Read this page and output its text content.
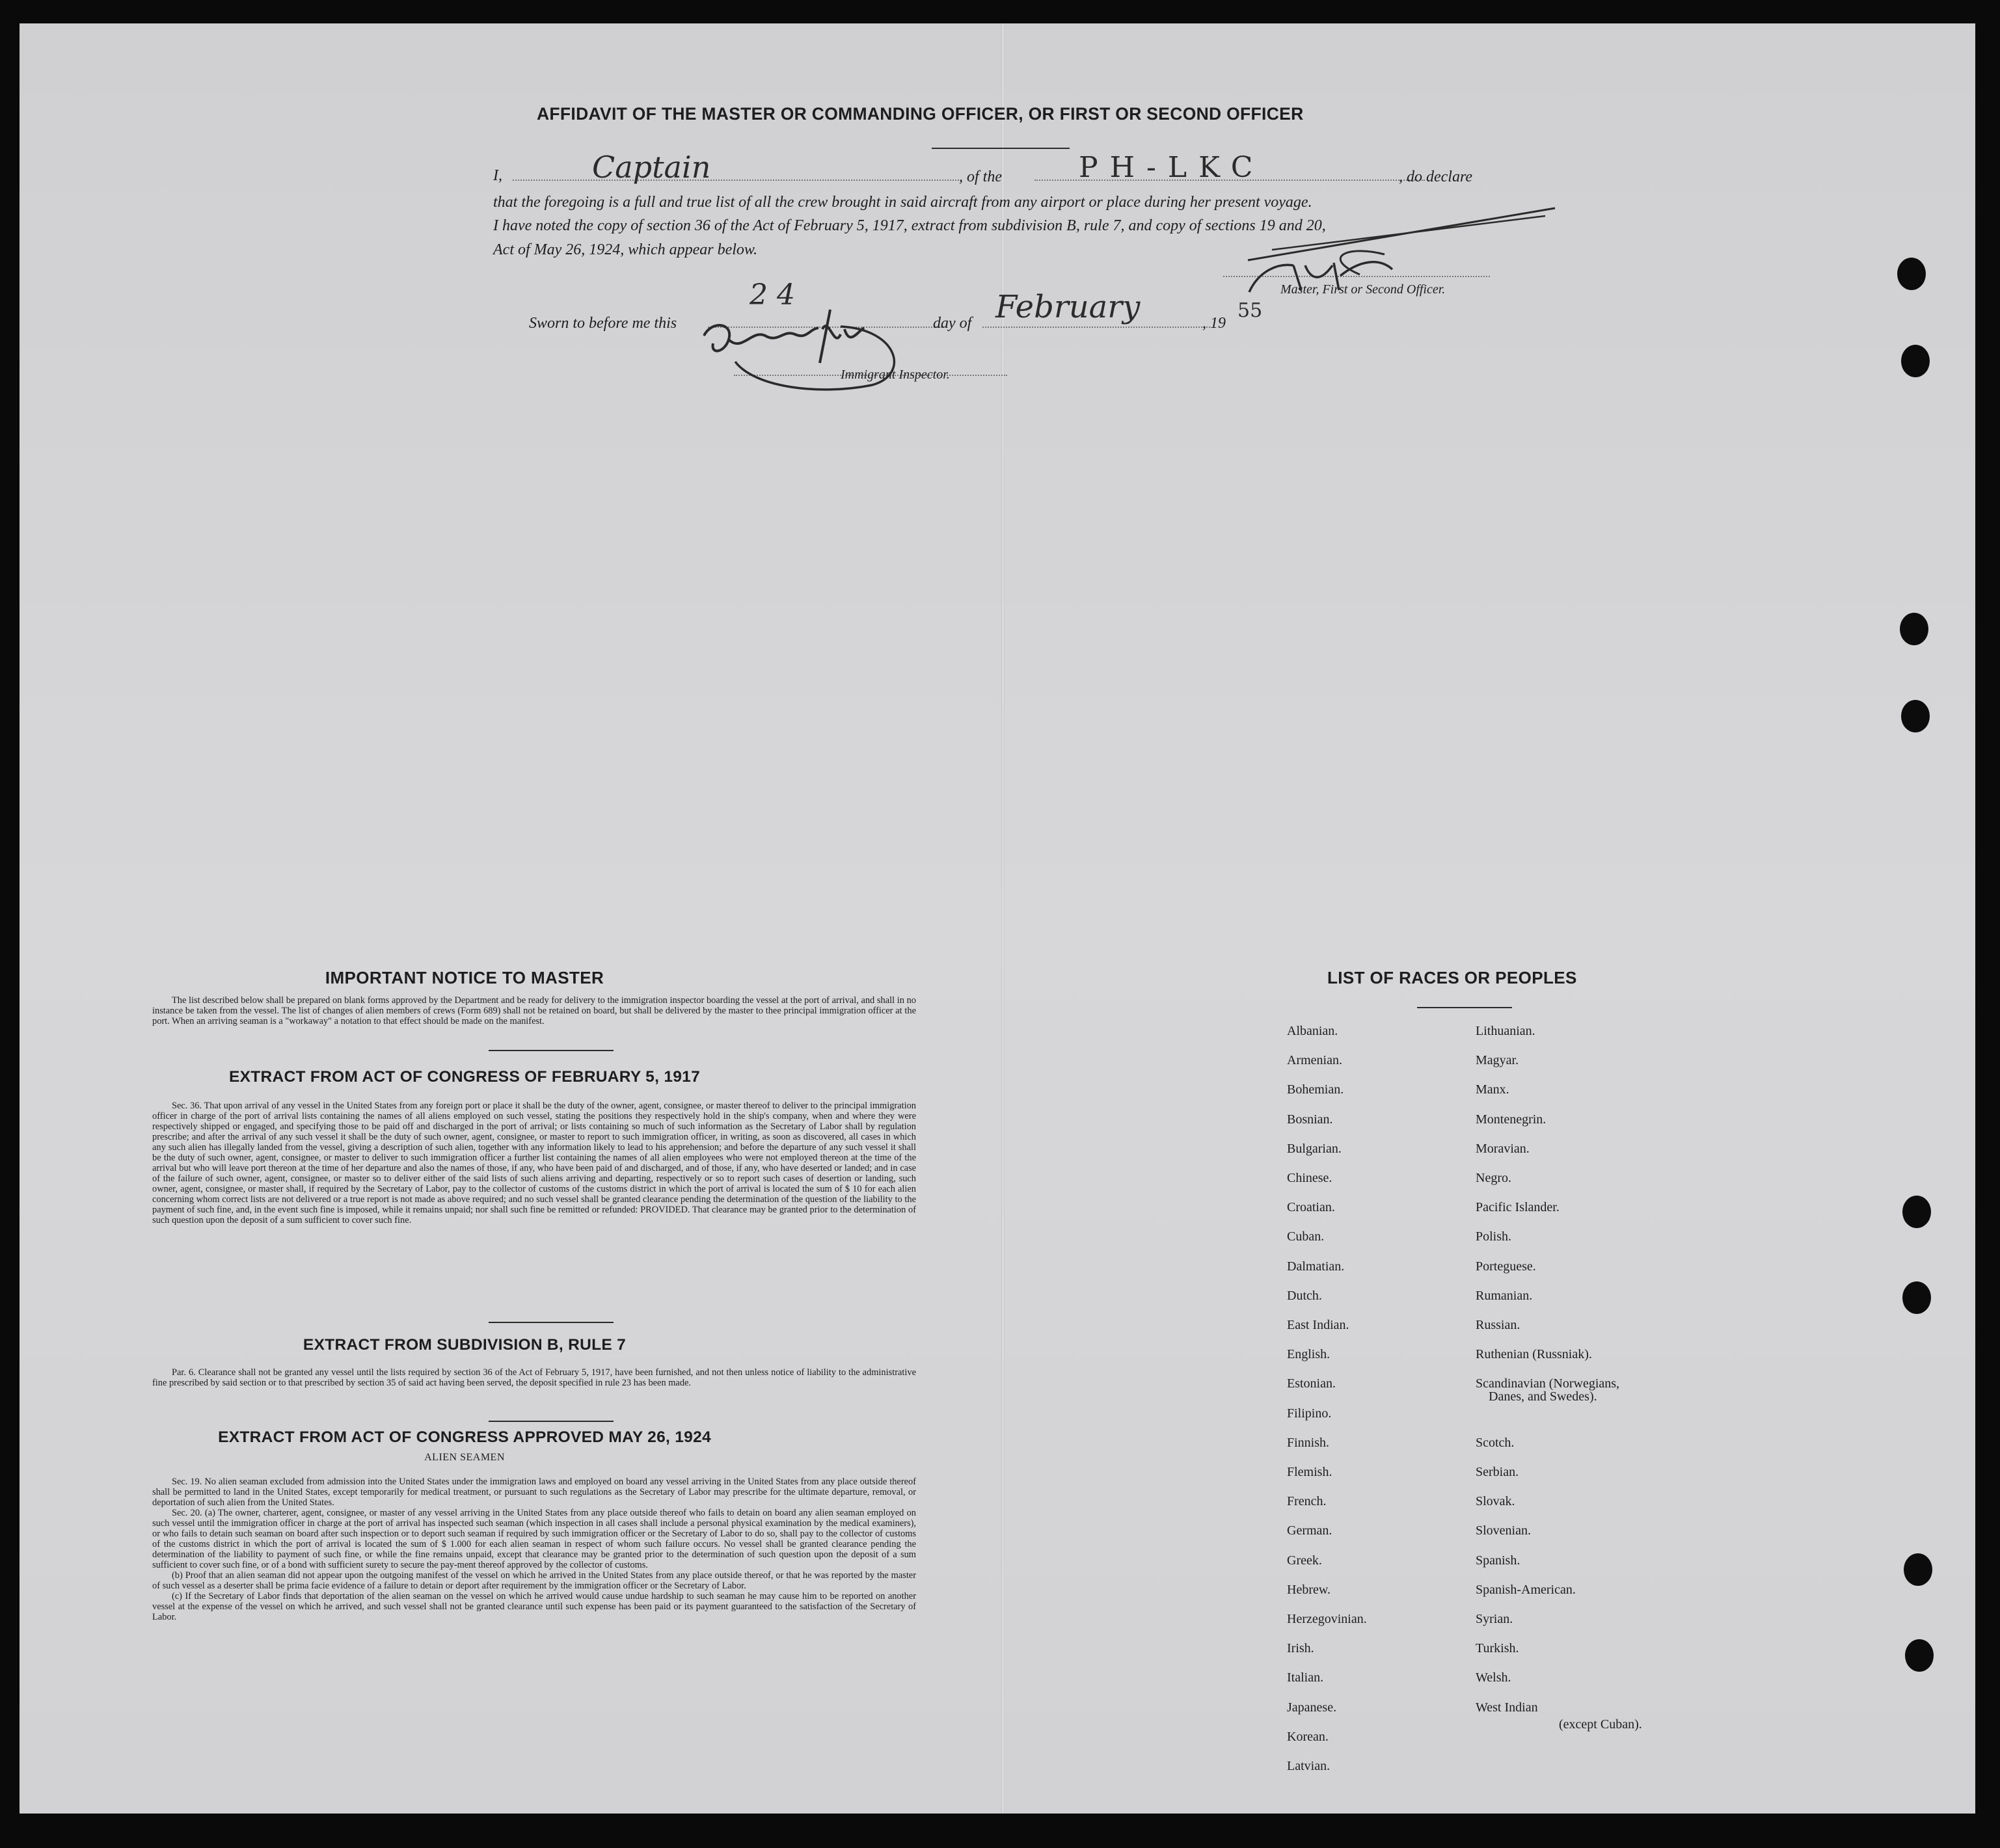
AFFIDAVIT OF THE MASTER OR COMMANDING OFFICER, OR FIRST OR SECOND OFFICER
I,	Captain	, of the	PH-LKC	, do declare
that the foregoing is a full and true list of all the crew brought in said aircraft from any airport or place during her present voyage.
I have noted the copy of section 36 of the Act of February 5, 1917, extract from subdivision B, rule 7, and copy of sections 19 and 20,
Act of May 26, 1924, which appear below.
Master, First or Second Officer.
Sworn to before me this
24
day of February	, 19
55
Immigrant Inspector.
IMPORTANT NOTICE TO MASTER

The list described below shall be prepared on blank forms approved by the Department and be ready for delivery to the immigration inspector boarding the vessel at the port of arrival, and shall in no instance be taken from the vessel. The list of changes of alien members of crews (Form 689) shall not be retained on board, but shall be delivered by the master to thee principal immigration officer at the port. When an arriving seaman is a "workaway" a notation to that effect should be made on the manifest.

EXTRACT FROM ACT OF CONGRESS OF FEBRUARY 5, 1917

Sec. 36. That upon arrival of any vessel in the United States from any foreign port or place it shall be the duty of the owner, agent, consignee, or master thereof to deliver to the principal immigration officer in charge of the port of arrival lists containing the names of all aliens employed on such vessel, stating the positions they respectively hold in the ship's company, when and where they were respectively shipped or engaged, and specifying those to be paid off and discharged in the port of arrival; or lists containing so much of such information as the Secretary of Labor shall by regulation prescribe; and after the arrival of any such vessel it shall be the duty of such owner, agent, consignee, or master to report to such immigration officer, in writing, as soon as discovered, all cases in which any such alien has illegally landed from the vessel, giving a description of such alien, together with any information likely to lead to his apprehension; and before the departure of any such vessel it shall be the duty of such owner, agent, consignee, or master to deliver to such immigration officer a further list containing the names of all alien employees who were not employed thereon at the time of the arrival but who will leave port thereon at the time of her departure and also the names of those, if any, who have been paid of and discharged, and of those, if any, who have deserted or landed; and in case of the failure of such owner, agent, consignee, or master so to deliver either of the said lists of such aliens arriving and departing, respectively or so to report such cases of desertion or landing, such owner, agent, consignee, or master shall, if required by the Secretary of Labor, pay to the collector of customs of the customs district in which the port of arrival is located the sum of $ 10 for each alien concerning whom correct lists are not delivered or a true report is not made as above required; and no such vessel shall be granted clearance pending the determination of the question of the liability to the payment of such fine, and, in the event such fine is imposed, while it remains unpaid; nor shall such fine be remitted or refunded: PROVIDED. That clearance may be granted prior to the determination of such question upon the deposit of a sum sufficient to cover such fine.

EXTRACT FROM SUBDIVISION B, RULE 7

Par. 6. Clearance shall not be granted any vessel until the lists required by section 36 of the Act of February 5, 1917, have been furnished, and not then unless notice of liability to the administrative fine prescribed by said section or to that prescribed by section 35 of said act having been served, the deposit specified in rule 23 has been made.

EXTRACT FROM ACT OF CONGRESS APPROVED MAY 26, 1924
ALIEN SEAMEN

Sec. 19. No alien seaman excluded from admission into the United States under the immigration laws and employed on board any vessel arriving in the United States from any place outside thereof shall be permitted to land in the United States, except temporarily for medical treatment, or pursuant to such regulations as the Secretary of Labor may prescribe for the ultimate departure, removal, or deportation of such alien from the United States.

Sec. 20. (a) The owner, charterer, agent, consignee, or master of any vessel arriving in the United States from any place outside thereof who fails to detain on board any alien seaman employed on such vessel until the immigration officer in charge at the port of arrival has inspected such seaman (which inspection in all cases shall include a personal physical examination by the medical examiners), or who fails to detain such seaman on board after such inspection or to deport such seaman if required by such immigration officer or the Secretary of Labor to do so, shall pay to the collector of customs of the customs district in which the port of arrival is located the sum of $ 1.000 for each alien seaman in respect of whom such failure occurs. No vessel shall be granted clearance pending the determination of the liability to payment of such fine, or while the fine remains unpaid, except that clearance may be granted prior to the determination of such question upon the deposit of a sum sufficient to cover such fine, or of a bond with sufficient surety to secure the pay-ment thereof approved by the collector of customs.

(b) Proof that an alien seaman did not appear upon the outgoing manifest of the vessel on which he arrived in the United States from any place outside thereof, or that he was reported by the master of such vessel as a deserter shall be prima facie evidence of a failure to detain or deport after requirement by the immigration officer or the Secretary of Labor.

(c) If the Secretary of Labor finds that deportation of the alien seaman on the vessel on which he arrived would cause undue hardship to such seaman he may cause him to be reported on another vessel at the expense of the vessel on which he arrived, and such vessel shall not be granted clearance until such expense has been paid or its payment guaranteed to the satisfaction of the Secretary of Labor.

LIST OF RACES OR PEOPLES
Albanian.
Armenian.
Bohemian.
Bosnian.
Bulgarian.
Chinese.
Croatian.
Cuban.
Dalmatian.
Dutch.
East Indian.
English.
Estonian.
Filipino.
Finnish.
Flemish.
French.
German.
Greek.
Hebrew.
Herzegovinian.
Irish.
Italian.
Japanese.
Korean.
Latvian.
Lithuanian.
Magyar.
Manx.
Montenegrin.
Moravian.
Negro.
Pacific Islander.
Polish.
Porteguese.
Rumanian.
Russian.
Ruthenian (Russniak).
Scandinavian (Norwegians,
Scotch.
Serbian.
Slovak.
Slovenian.
Spanish.
Spanish-American.
Syrian.
Turkish.
Welsh.
West Indian
Danes, and Swedes).
(except Cuban).
